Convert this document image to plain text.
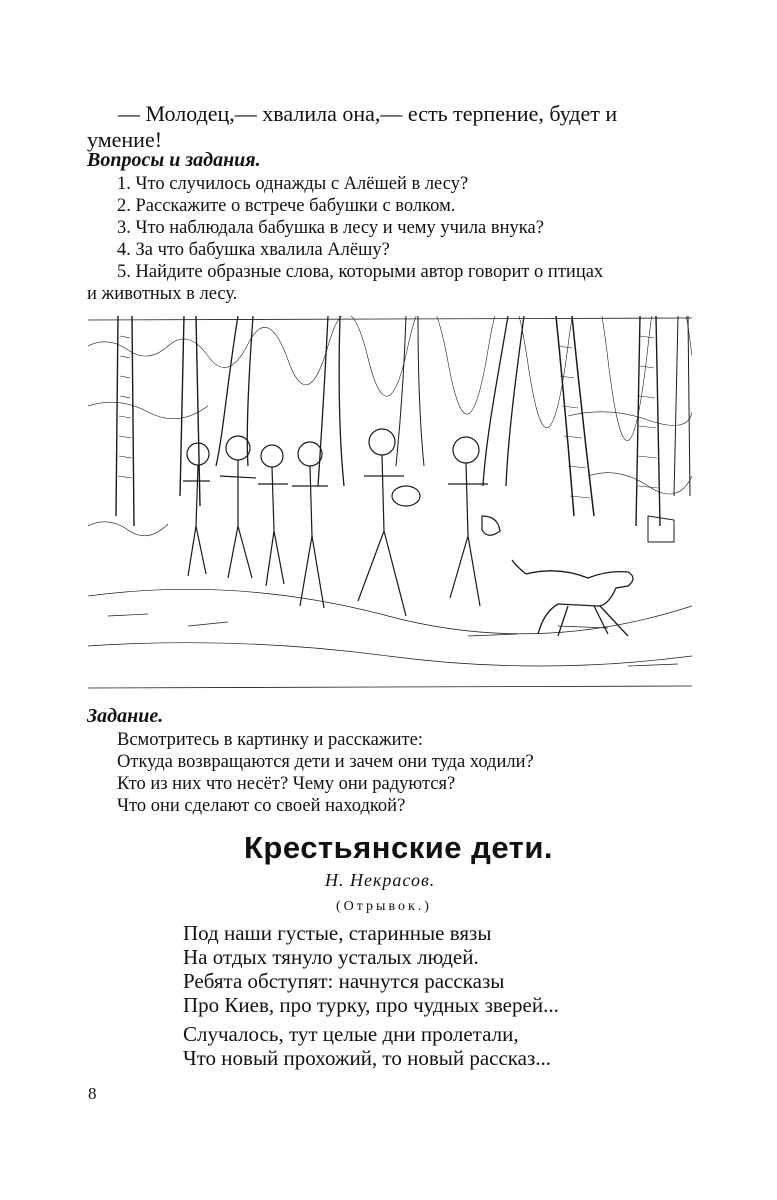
— Молодец,— хвалила она,— есть терпение, будет и
умение!
Вопросы и задания.
1. Что случилось однажды с Алёшей в лесу?
2. Расскажите о встрече бабушки с волком.
3. Что наблюдала бабушка в лесу и чему учила внука?
4. За что бабушка хвалила Алёшу?
5. Найдите образные слова, которыми автор говорит о птицах
и животных в лесу.
Задание.
Всмотритесь в картинку и расскажите:
Откуда возвращаются дети и зачем они туда ходили?
Кто из них что несёт? Чему они радуются?
Что они сделают со своей находкой?
Крестьянские дети.
Н. Некрасов.
(Отрывок.)
Под наши густые, старинные вязы
На отдых тянуло усталых людей.
Ребята обступят: начнутся рассказы
Про Киев, про турку, про чудных зверей...
Случалось, тут целые дни пролетали,
Что новый прохожий, то новый рассказ...
8
